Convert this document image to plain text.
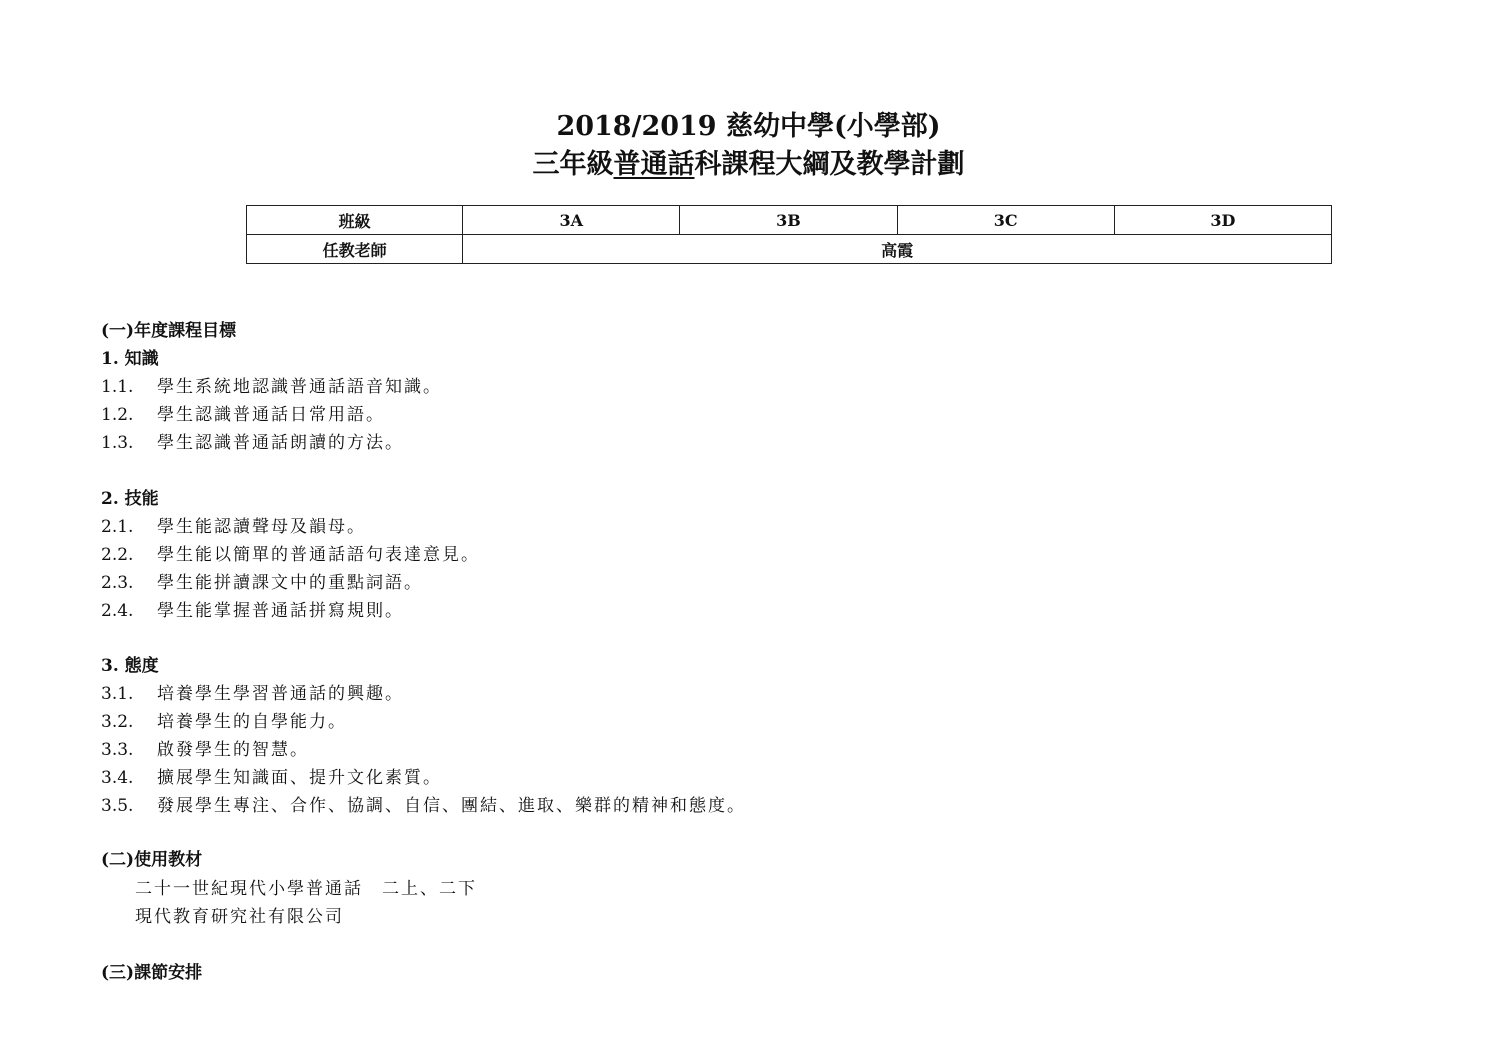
2018/2019 慈幼中學(小學部)
三年級普通話科課程大綱及教學計劃
班級	3A	3B	3C	3D
任教老師	高霞			
(一)年度課程目標
1. 知識
1.1. 學生系統地認識普通話語音知識。
1.2. 學生認識普通話日常用語。
1.3. 學生認識普通話朗讀的方法。
2. 技能
2.1. 學生能認讀聲母及韻母。
2.2. 學生能以簡單的普通話語句表達意見。
2.3. 學生能拼讀課文中的重點詞語。
2.4. 學生能掌握普通話拼寫規則。
3. 態度
3.1. 培養學生學習普通話的興趣。
3.2. 培養學生的自學能力。
3.3. 啟發學生的智慧。
3.4. 擴展學生知識面、提升文化素質。
3.5. 發展學生專注、合作、協調、自信、團結、進取、樂群的精神和態度。
(二)使用教材
二十一世紀現代小學普通話　二上、二下
現代教育研究社有限公司
(三)課節安排
